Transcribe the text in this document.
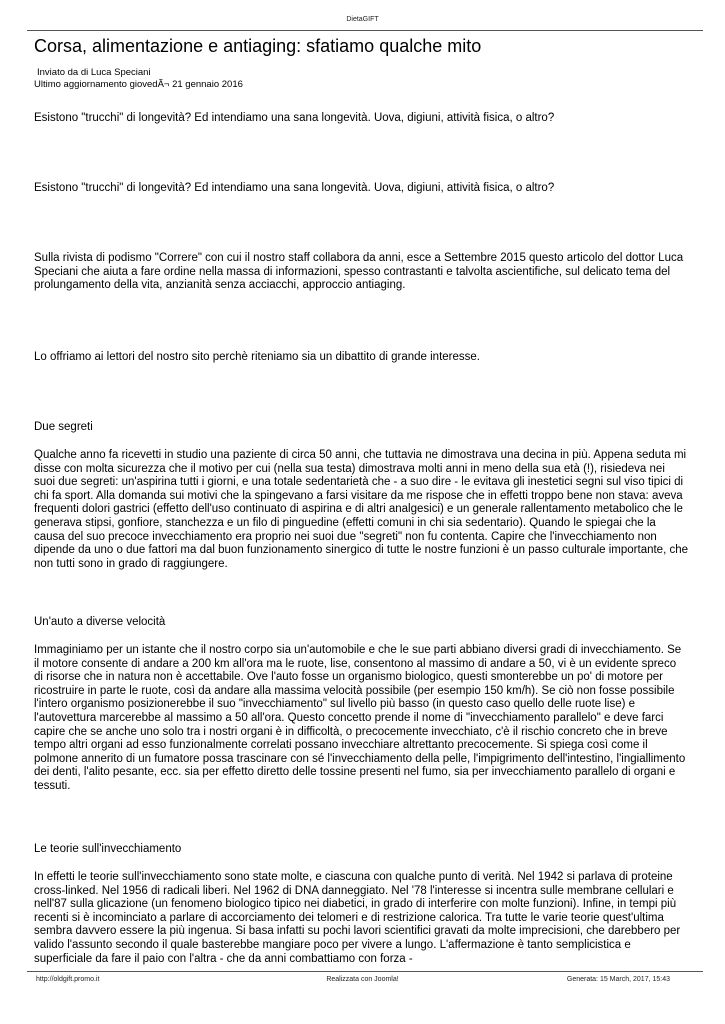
DietaGIFT
Corsa, alimentazione e antiaging: sfatiamo qualche mito
Inviato da di Luca Speciani
Ultimo aggiornamento giovedÃ¬ 21 gennaio 2016

Esistono "trucchi" di longevità? Ed intendiamo una sana longevità. Uova, digiuni, attività fisica, o altro?

Esistono "trucchi" di longevità? Ed intendiamo una sana longevità. Uova, digiuni, attività fisica, o altro?

Sulla rivista di podismo "Correre" con cui il nostro staff collabora da anni, esce a Settembre 2015 questo articolo del dottor Luca Speciani che aiuta a fare ordine nella massa di informazioni, spesso contrastanti e talvolta ascientifiche, sul delicato tema del prolungamento della vita, anzianità senza acciacchi, approccio antiaging.

Lo offriamo ai lettori del nostro sito perchè riteniamo sia un dibattito di grande interesse.

Due segreti

Qualche anno fa ricevetti in studio una paziente di circa 50 anni, che tuttavia ne dimostrava una decina in più. Appena seduta mi disse con molta sicurezza che il motivo per cui (nella sua testa) dimostrava molti anni in meno della sua età (!), risiedeva nei suoi due segreti: un'aspirina tutti i giorni, e una totale sedentarietà che - a suo dire - le evitava gli inestetici segni sul viso tipici di chi fa sport. Alla domanda sui motivi che la spingevano a farsi visitare da me rispose che in effetti troppo bene non stava: aveva frequenti dolori gastrici (effetto dell'uso continuato di aspirina e di altri analgesici) e un generale rallentamento metabolico che le generava stipsi, gonfiore, stanchezza e un filo di pinguedine (effetti comuni in chi sia sedentario). Quando le spiegai che la causa del suo precoce invecchiamento era proprio nei suoi due "segreti" non fu contenta. Capire che l'invecchiamento non dipende da uno o due fattori ma dal buon funzionamento sinergico di tutte le nostre funzioni è un passo culturale importante, che non tutti sono in grado di raggiungere.

Un'auto a diverse velocità

Immaginiamo per un istante che il nostro corpo sia un'automobile e che le sue parti abbiano diversi gradi di invecchiamento. Se il motore consente di andare a 200 km all'ora ma le ruote, lise, consentono al massimo di andare a 50, vi è un evidente spreco di risorse che in natura non è accettabile. Ove l'auto fosse un organismo biologico, questi smonterebbe un po' di motore per ricostruire in parte le ruote, così da andare alla massima velocità possibile (per esempio 150 km/h). Se ciò non fosse possibile l'intero organismo posizionerebbe il suo "invecchiamento" sul livello più basso (in questo caso quello delle ruote lise) e l'autovettura marcerebbe al massimo a 50 all'ora. Questo concetto prende il nome di "invecchiamento parallelo" e deve farci capire che se anche uno solo tra i nostri organi è in difficoltà, o precocemente invecchiato, c'è il rischio concreto che in breve tempo altri organi ad esso funzionalmente correlati possano invecchiare altrettanto precocemente. Si spiega così come il polmone annerito di un fumatore possa trascinare con sé l'invecchiamento della pelle, l'impigrimento dell'intestino, l'ingiallimento dei denti, l'alito pesante, ecc. sia per effetto diretto delle tossine presenti nel fumo, sia per invecchiamento parallelo di organi e tessuti.

Le teorie sull'invecchiamento

In effetti le teorie sull'invecchiamento sono state molte, e ciascuna con qualche punto di verità. Nel 1942 si parlava di proteine cross-linked. Nel 1956 di radicali liberi. Nel 1962 di DNA danneggiato. Nel '78 l'interesse si incentra sulle membrane cellulari e nell'87 sulla glicazione (un fenomeno biologico tipico nei diabetici, in grado di interferire con molte funzioni). Infine, in tempi più recenti si è incominciato a parlare di accorciamento dei telomeri e di restrizione calorica. Tra tutte le varie teorie quest'ultima sembra davvero essere la più ingenua. Si basa infatti su pochi lavori scientifici gravati da molte imprecisioni, che darebbero per valido l'assunto secondo il quale basterebbe mangiare poco per vivere a lungo. L'affermazione è tanto semplicistica e superficiale da fare il paio con l'altra - che da anni combattiamo con forza -

http://oldgift.promo.it	Realizzata con Joomla!	Generata: 15 March, 2017, 15:43
